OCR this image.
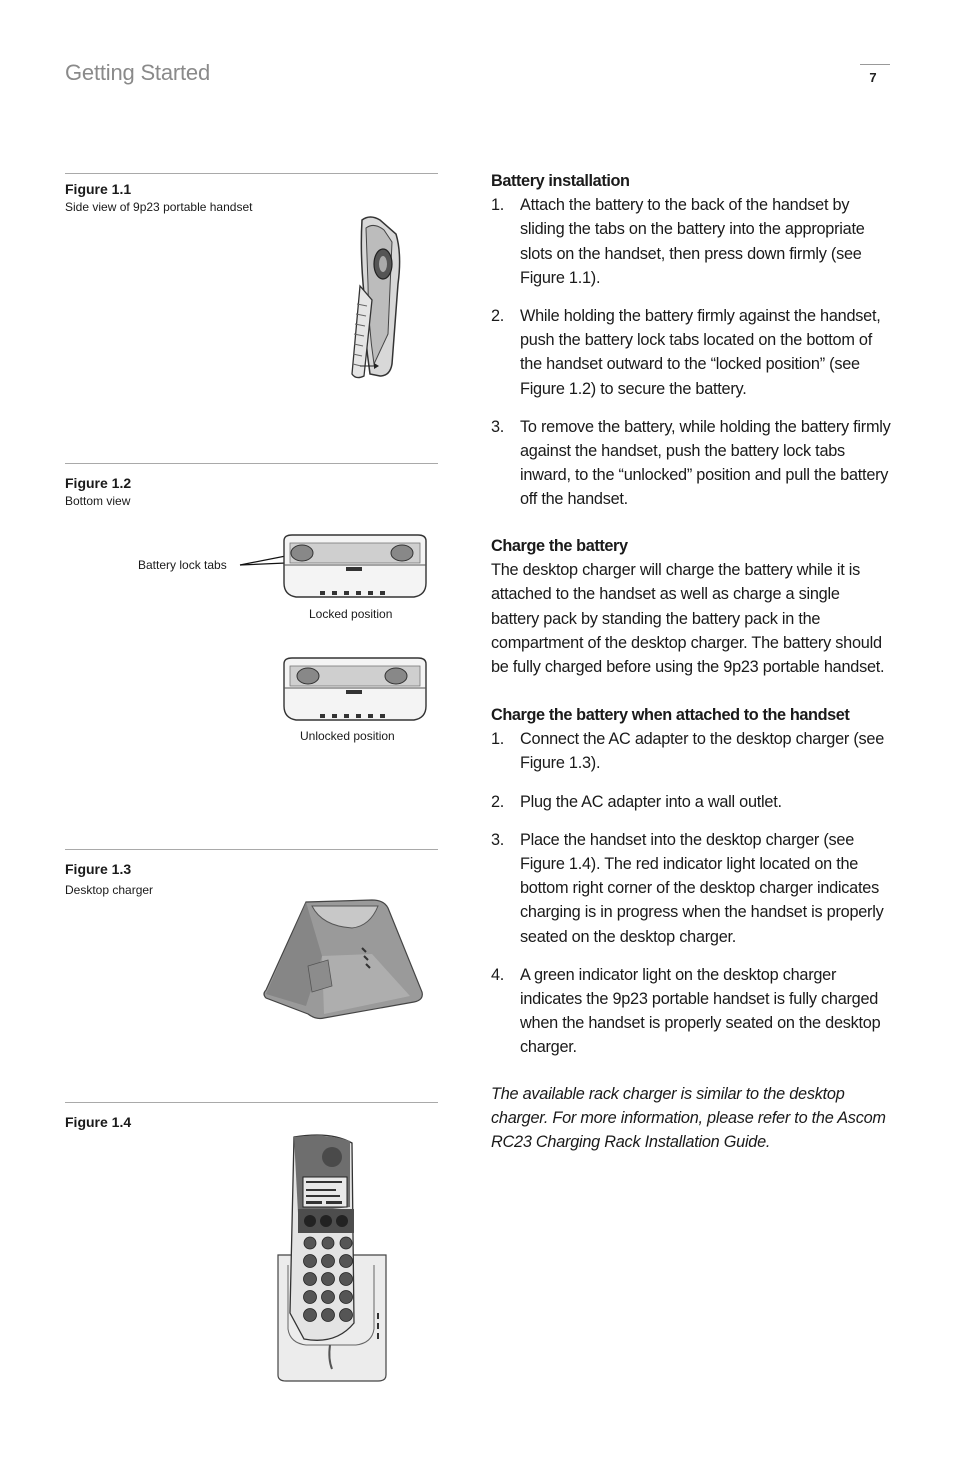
Getting Started	7
Figure 1.1
Side view of 9p23 portable handset
Figure 1.2
Bottom view
Battery lock tabs
Locked position
Unlocked position
Figure 1.3
Desktop charger
Figure 1.4
Battery installation
1. Attach the battery to the back of the handset by sliding the tabs on the battery into the appropriate slots on the handset, then press down firmly (see Figure 1.1).
2. While holding the battery firmly against the handset, push the battery lock tabs located on the bottom of the handset outward to the “locked position” (see Figure 1.2) to secure the battery.
3. To remove the battery, while holding the battery firmly against the handset, push the battery lock tabs inward, to the “unlocked” position and pull the battery off the handset.
Charge the battery

The desktop charger will charge the battery while it is attached to the handset as well as charge a single battery pack by standing the battery pack in the compartment of the desktop charger. The battery should be fully charged before using the 9p23 portable handset.

Charge the battery when attached to the handset
1. Connect the AC adapter to the desktop charger (see Figure 1.3).
2. Plug the AC adapter into a wall outlet.
3. Place the handset into the desktop charger (see Figure 1.4). The red indicator light located on the bottom right corner of the desktop charger indicates charging is in progress when the handset is properly seated on the desktop charger.
4. A green indicator light on the desktop charger indicates the 9p23 portable handset is fully charged when the handset is properly seated on the desktop charger.

The available rack charger is similar to the desktop charger. For more information, please refer to the Ascom RC23 Charging Rack Installation Guide.
